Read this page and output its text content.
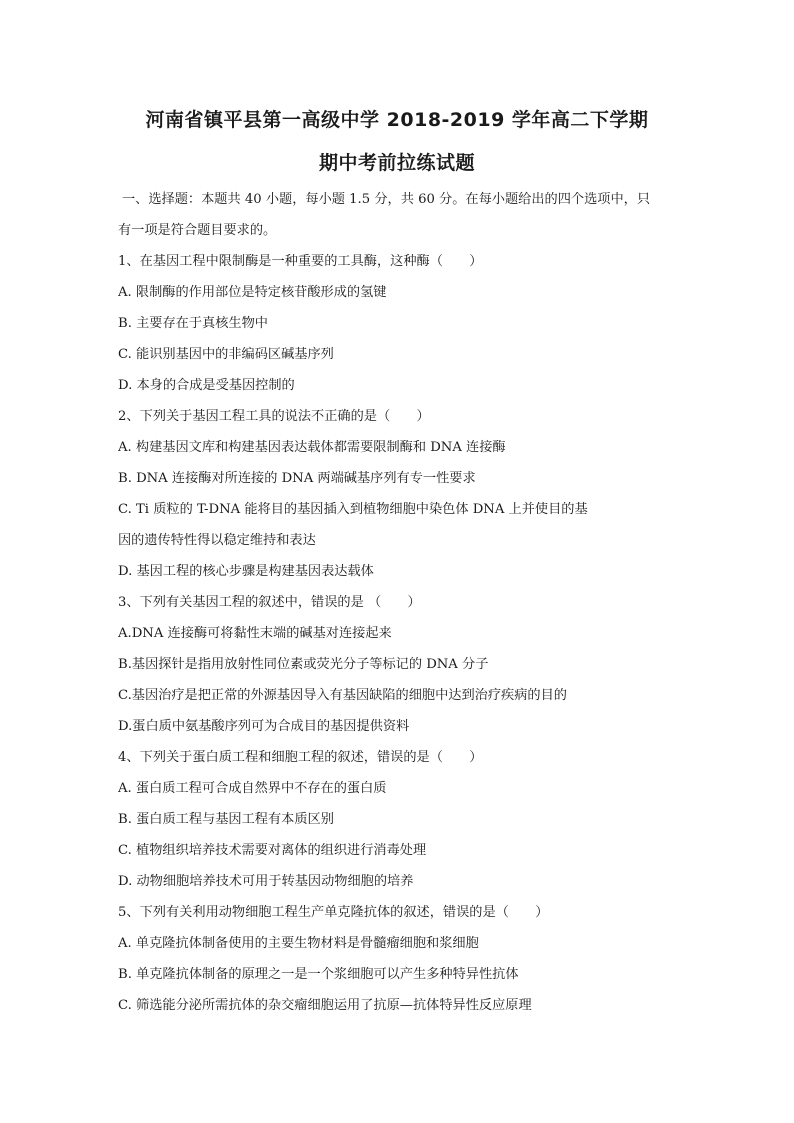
河南省镇平县第一高级中学 2018-2019 学年高二下学期
期中考前拉练试题
一、选择题：本题共 40 小题，每小题 1.5 分，共 60 分。在每小题给出的四个选项中，只
有一项是符合题目要求的。
1、在基因工程中限制酶是一种重要的工具酶，这种酶（　　）
A. 限制酶的作用部位是特定核苷酸形成的氢键
B. 主要存在于真核生物中
C. 能识别基因中的非编码区碱基序列
D. 本身的合成是受基因控制的
2、下列关于基因工程工具的说法不正确的是（　　）
A. 构建基因文库和构建基因表达载体都需要限制酶和 DNA 连接酶
B. DNA 连接酶对所连接的 DNA 两端碱基序列有专一性要求
C. Ti 质粒的 T-DNA 能将目的基因插入到植物细胞中染色体 DNA 上并使目的基
因的遗传特性得以稳定维持和表达
D. 基因工程的核心步骤是构建基因表达载体
3、下列有关基因工程的叙述中，错误的是 （　　）
A.DNA 连接酶可将黏性末端的碱基对连接起来
B.基因探针是指用放射性同位素或荧光分子等标记的 DNA 分子
C.基因治疗是把正常的外源基因导入有基因缺陷的细胞中达到治疗疾病的目的
D.蛋白质中氨基酸序列可为合成目的基因提供资料
4、下列关于蛋白质工程和细胞工程的叙述，错误的是（　　）
A. 蛋白质工程可合成自然界中不存在的蛋白质
B. 蛋白质工程与基因工程有本质区别
C. 植物组织培养技术需要对离体的组织进行消毒处理
D. 动物细胞培养技术可用于转基因动物细胞的培养
5、下列有关利用动物细胞工程生产单克隆抗体的叙述，错误的是（　　）
A. 单克隆抗体制备使用的主要生物材料是骨髓瘤细胞和浆细胞
B. 单克隆抗体制备的原理之一是一个浆细胞可以产生多种特异性抗体
C. 筛选能分泌所需抗体的杂交瘤细胞运用了抗原—抗体特异性反应原理
